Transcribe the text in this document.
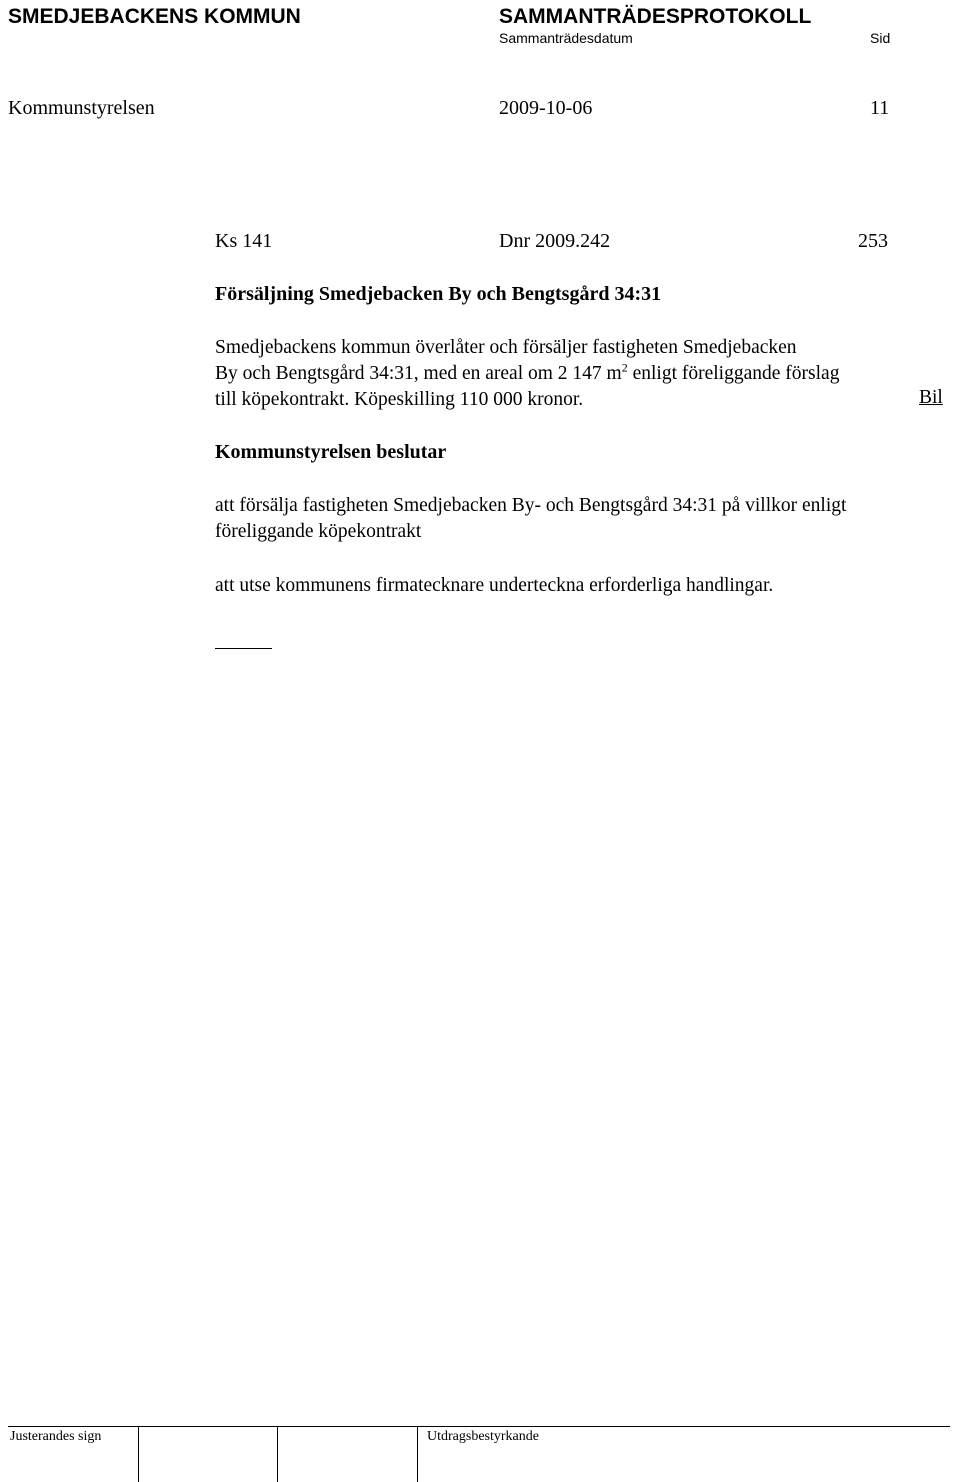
SMEDJEBACKENS KOMMUN	SAMMANTRÄDESPROTOKOLL
Sammanträdesdatum	Sid
Kommunstyrelsen	2009-10-06	11
Ks 141	Dnr 2009.242	253
Försäljning Smedjebacken By och Bengtsgård 34:31
Smedjebackens kommun överlåter och försäljer fastigheten Smedjebacken
By och Bengtsgård 34:31, med en areal om 2 147 $m^2$ enligt föreliggande förslag
till köpekontrakt. Köpeskilling 110 000 kronor.	Bil
Kommunstyrelsen beslutar
att försälja fastigheten Smedjebacken By- och Bengtsgård 34:31 på villkor enligt
föreliggande köpekontrakt
att utse kommunens firmatecknare underteckna erforderliga handlingar.
Justerandes sign	Utdragsbestyrkande
